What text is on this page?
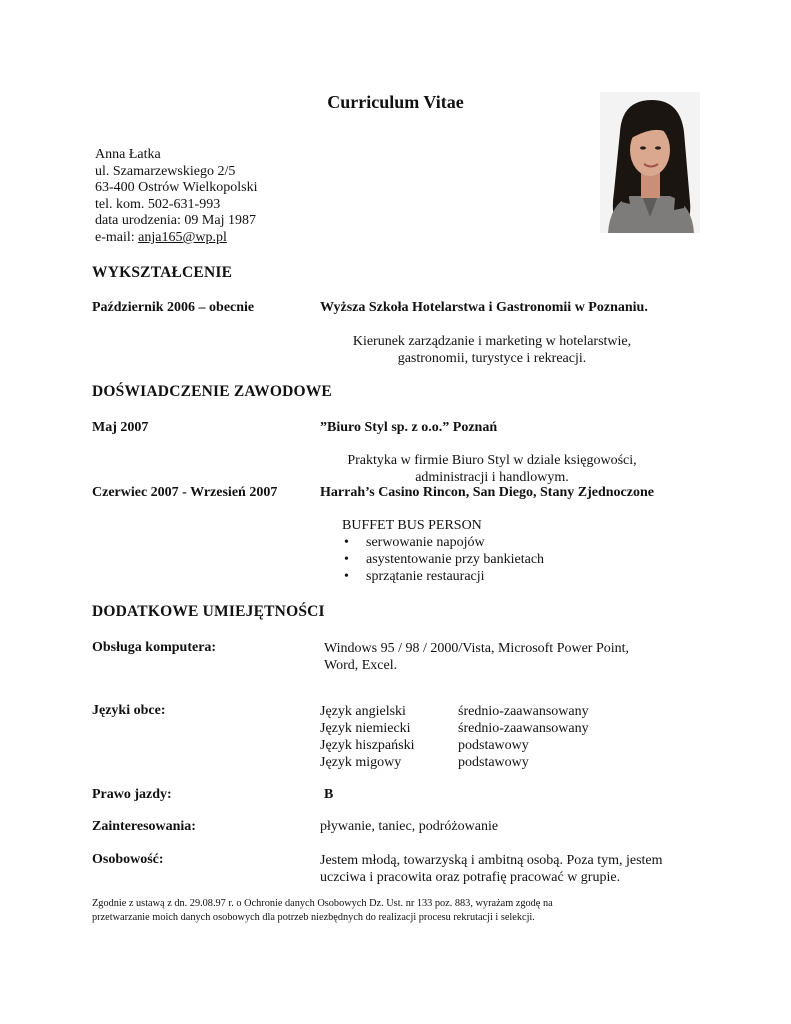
Curriculum Vitae
Anna Łatka
ul. Szamarzewskiego 2/5
63-400 Ostrów Wielkopolski
tel. kom. 502-631-993
data urodzenia: 09 Maj 1987
e-mail: anja165@wp.pl
WYKSZTAŁCENIE
Październik 2006 – obecnie	Wyższa Szkoła Hotelarstwa i Gastronomii w Poznaniu.
Kierunek zarządzanie i marketing w hotelarstwie,
gastronomii, turystyce i rekreacji.
DOŚWIADCZENIE ZAWODOWE
Maj 2007	”Biuro Styl sp. z o.o.” Poznań
Praktyka w firmie Biuro Styl w dziale księgowości,
administracji i handlowym.
Czerwiec 2007 - Wrzesień 2007	Harrah’s Casino Rincon, San Diego, Stany Zjednoczone
BUFFET BUS PERSON
• serwowanie napojów
• asystentowanie przy bankietach
• sprzątanie restauracji
DODATKOWE UMIEJĘTNOŚCI
Obsługa komputera:	Windows 95 / 98 / 2000/Vista, Microsoft Power Point,
Word, Excel.
Języki obce:	Język angielski	średnio-zaawansowany
Język niemiecki	średnio-zaawansowany
Język hiszpański	podstawowy
Język migowy	podstawowy
Prawo jazdy:	B
Zainteresowania:	pływanie, taniec, podróżowanie
Osobowość:	Jestem młodą, towarzyską i ambitną osobą. Poza tym, jestem
uczciwa i pracowita oraz potrafię pracować w grupie.
Zgodnie z ustawą z dn. 29.08.97 r. o Ochronie danych Osobowych Dz. Ust. nr 133 poz. 883, wyrażam zgodę na
przetwarzanie moich danych osobowych dla potrzeb niezbędnych do realizacji procesu rekrutacji i selekcji.
